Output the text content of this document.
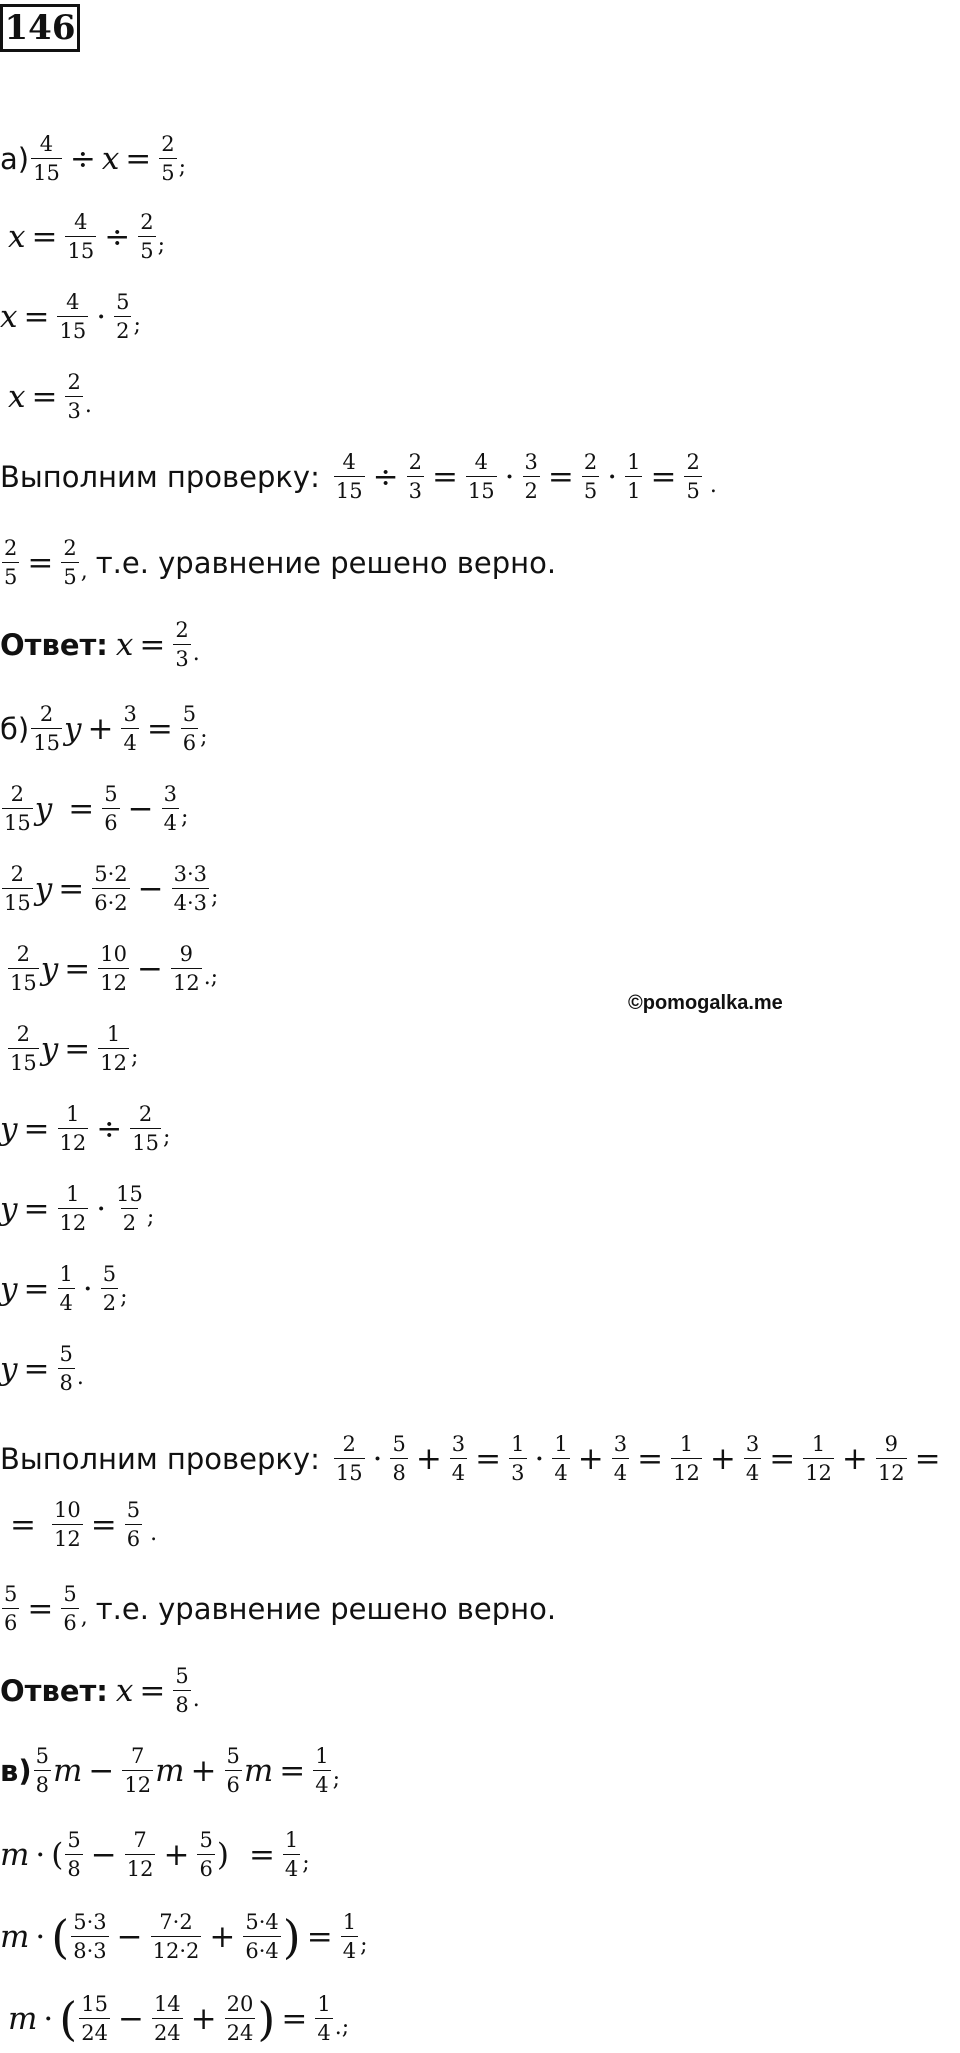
146
©pomogalka.me
$а) \frac{4}{15} \div x = \frac{2}{5}$ ;
$x = \frac{4}{15} \div \frac{2}{5}$ ;
$x = \frac{4}{15} \cdot \frac{5}{2}$ ;
$x = \frac{2}{3}$ .
Выполним проверку: $\frac{4}{15} \div \frac{2}{3} = \frac{4}{15} \cdot \frac{3}{2} = \frac{2}{5} \cdot \frac{1}{1} = \frac{2}{5}$ .
$\frac{2}{5} = \frac{2}{5}$ , т.е. уравнение решено верно.
Ответ: $x = \frac{2}{3}$ .
$б) \frac{2}{15}$ $y + \frac{3}{4} = \frac{5}{6}$ ;
$\frac{2}{15}$ $y = \frac{5}{6} - \frac{3}{4}$ ;
$\frac{2}{15}$ $y = \frac{5\cdot 2}{6\cdot 2} - \frac{3\cdot 3}{4\cdot 3}$ ;
$\frac{2}{15}$ $y = \frac{10}{12} - \frac{9}{12}$ .;
$\frac{2}{15}$ $y = \frac{1}{12}$ ;
$y = \frac{1}{12} \div \frac{2}{15}$ ;
$y = \frac{1}{12} \cdot \frac{15}{2}$ ;
$y = \frac{1}{4} \cdot \frac{5}{2}$ ;
$y = \frac{5}{8}$ .
Выполним проверку: $\frac{2}{15} \cdot \frac{5}{8} + \frac{3}{4} = \frac{1}{3} \cdot \frac{1}{4} + \frac{3}{4} = \frac{1}{12} + \frac{3}{4} = \frac{1}{12} + \frac{9}{12}$ =
= $\frac{10}{12} = \frac{5}{6}$ .
$\frac{5}{6} = \frac{5}{6}$ , т.е. уравнение решено верно.
Ответ: $x = \frac{5}{8}$ .
$в) \frac{5}{8}$ $m - \frac{7}{12}$ $m + \frac{5}{6}$ $m = \frac{1}{4}$ ;
m · ( $\frac{5}{8} - \frac{7}{12} + \frac{5}{6}$ ) = $\frac{1}{4}$ ;
m · ( $\frac{5\cdot 3}{8\cdot 3} - \frac{7\cdot 2}{12\cdot 2} + \frac{5\cdot 4}{6\cdot 4}$ ) = $\frac{1}{4}$ ;
m · ( $\frac{15}{24} - \frac{14}{24} + \frac{20}{24}$ ) = $\frac{1}{4}$ .;
